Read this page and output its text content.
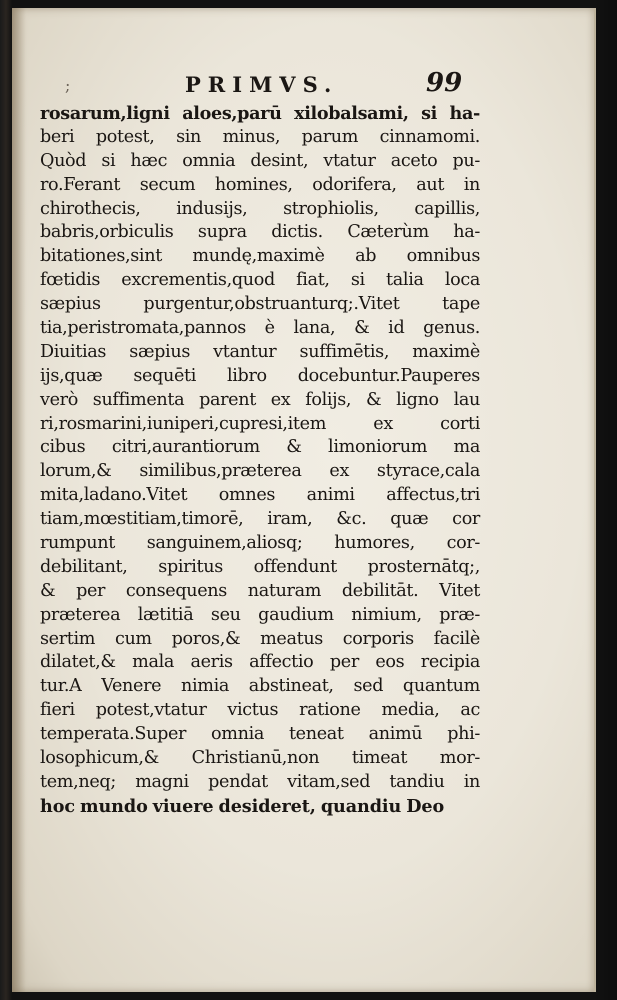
;	PRIMVS.	99
rosarum,ligni aloes,parū xilobalsami, si ha-
beri potest, sin minus, parum cinnamomi.
Quòd si hæc omnia desint, vtatur aceto pu-
ro.Ferant secum homines, odorifera, aut in
chirothecis, indusijs, strophiolis, capillis,
babris,orbiculis supra dictis. Cæterùm ha-
bitationes,sint mundę,maximè ab omnibus
fœtidis excrementis,quod fiat, si talia loca
sæpius purgentur,obstruanturq;.Vitet tape
tia,peristromata,pannos è lana, & id genus.
Diuitias sæpius vtantur suffimētis, maximè
ijs,quæ sequēti libro docebuntur.Pauperes
verò suffimenta parent ex folijs, & ligno lau
ri,rosmarini,iuniperi,cupresi,item ex corti
cibus citri,aurantiorum & limoniorum ma
lorum,& similibus,præterea ex styrace,cala
mita,ladano.Vitet omnes animi affectus,tri
tiam,mœstitiam,timorē, iram, &c. quæ cor
rumpunt sanguinem,aliosq; humores, cor-
debilitant, spiritus offendunt prosternātq;,
& per consequens naturam debilitāt. Vitet
præterea lætitiā seu gaudium nimium, præ-
sertim cum poros,& meatus corporis facilè
dilatet,& mala aeris affectio per eos recipia
tur.A Venere nimia abstineat, sed quantum
fieri potest,vtatur victus ratione media, ac
temperata.Super omnia teneat animū phi-
losophicum,& Christianū,non timeat mor-
tem,neq; magni pendat vitam,sed tandiu in
hoc mundo viuere desideret, quandiu Deo
